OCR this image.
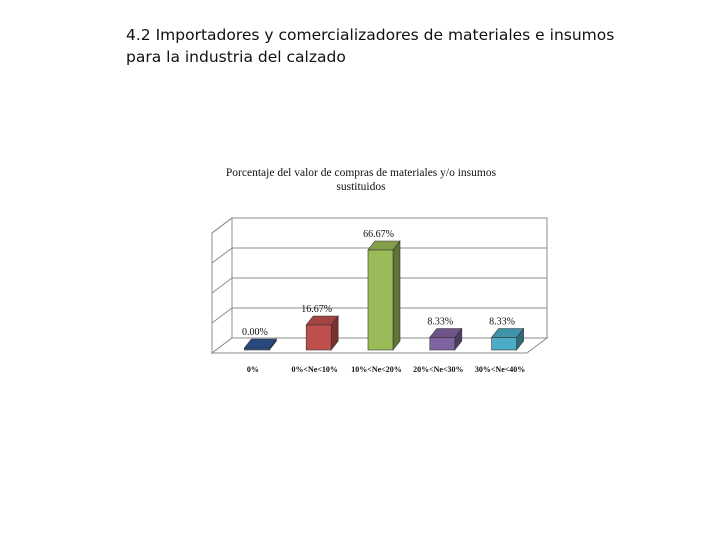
4.2 Importadores y comercializadores de materiales e insumos
para la industria del calzado
Porcentaje del valor de compras de materiales y/o insumos
sustituidos
0.00%
16.67%
66.67%
8.33%	8.33%
0%	0%<Ne<10% 10%<Ne<20% 20%<Ne<30% 30%<Ne<40%
